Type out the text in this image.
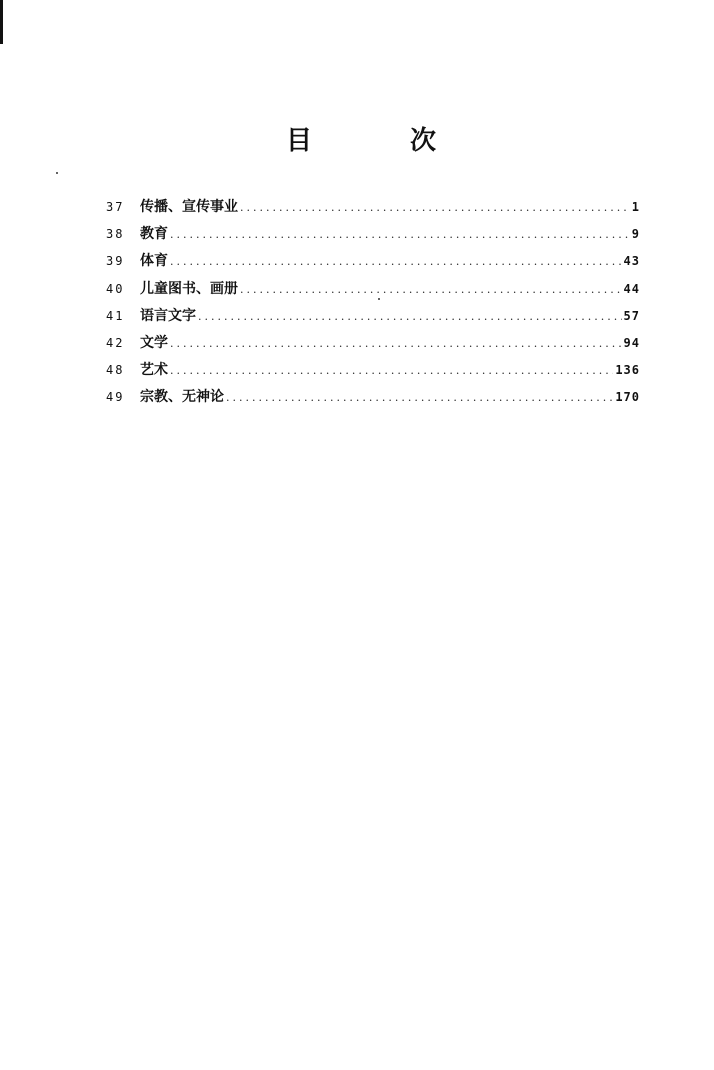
目	次
37	传播、宣传事业 .....	1
38	教育 .....	9
39	体育 .....	43
40	儿童图书、画册 .....	44
41	语言文字 .....	57
42	文学 .....	94
48	艺术 .....	136
49	宗教、无神论 .....	170
